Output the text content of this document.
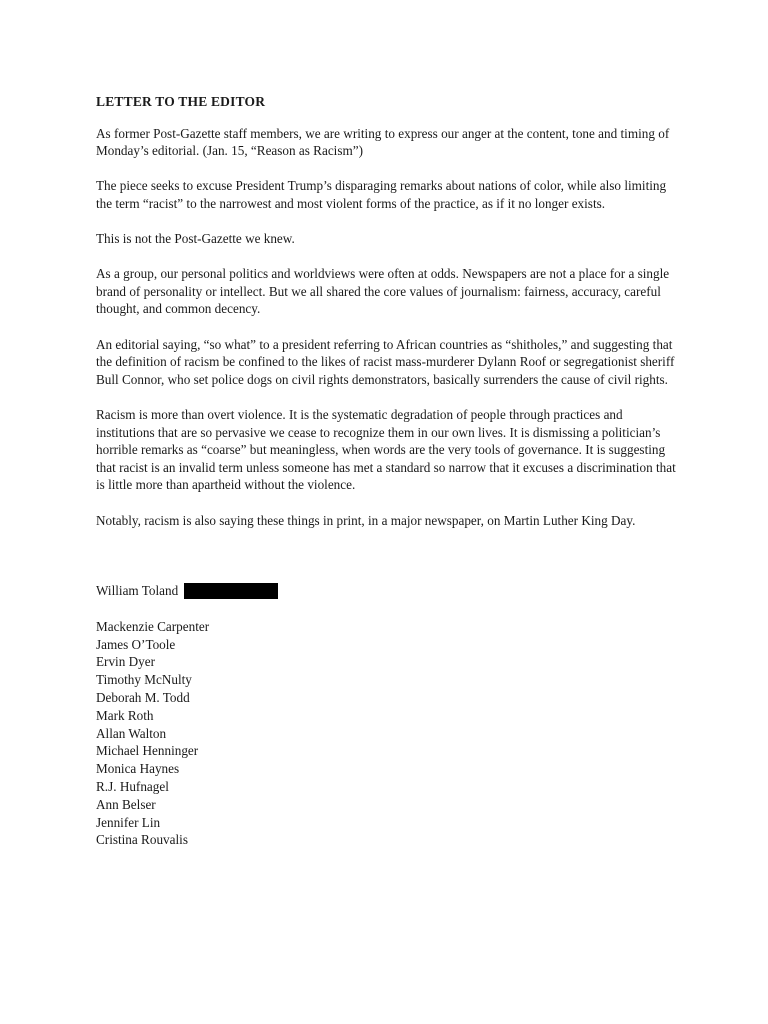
LETTER TO THE EDITOR

As former Post-Gazette staff members, we are writing to express our anger at the content, tone and timing of Monday’s editorial. (Jan. 15, “Reason as Racism”)

The piece seeks to excuse President Trump’s disparaging remarks about nations of color, while also limiting the term “racist” to the narrowest and most violent forms of the practice, as if it no longer exists.

This is not the Post-Gazette we knew.

As a group, our personal politics and worldviews were often at odds. Newspapers are not a place for a single brand of personality or intellect. But we all shared the core values of journalism: fairness, accuracy, careful thought, and common decency.

An editorial saying, “so what” to a president referring to African countries as “shitholes,” and suggesting that the definition of racism be confined to the likes of racist mass-murderer Dylann Roof or segregationist sheriff Bull Connor, who set police dogs on civil rights demonstrators, basically surrenders the cause of civil rights.

Racism is more than overt violence. It is the systematic degradation of people through practices and institutions that are so pervasive we cease to recognize them in our own lives. It is dismissing a politician’s horrible remarks as “coarse” but meaningless, when words are the very tools of governance. It is suggesting that racist is an invalid term unless someone has met a standard so narrow that it excuses a discrimination that is little more than apartheid without the violence.

Notably, racism is also saying these things in print, in a major newspaper, on Martin Luther King Day.

William Toland
Mackenzie Carpenter
James O’Toole
Ervin Dyer
Timothy McNulty
Deborah M. Todd
Mark Roth
Allan Walton
Michael Henninger
Monica Haynes
R.J. Hufnagel
Ann Belser
Jennifer Lin
Cristina Rouvalis
